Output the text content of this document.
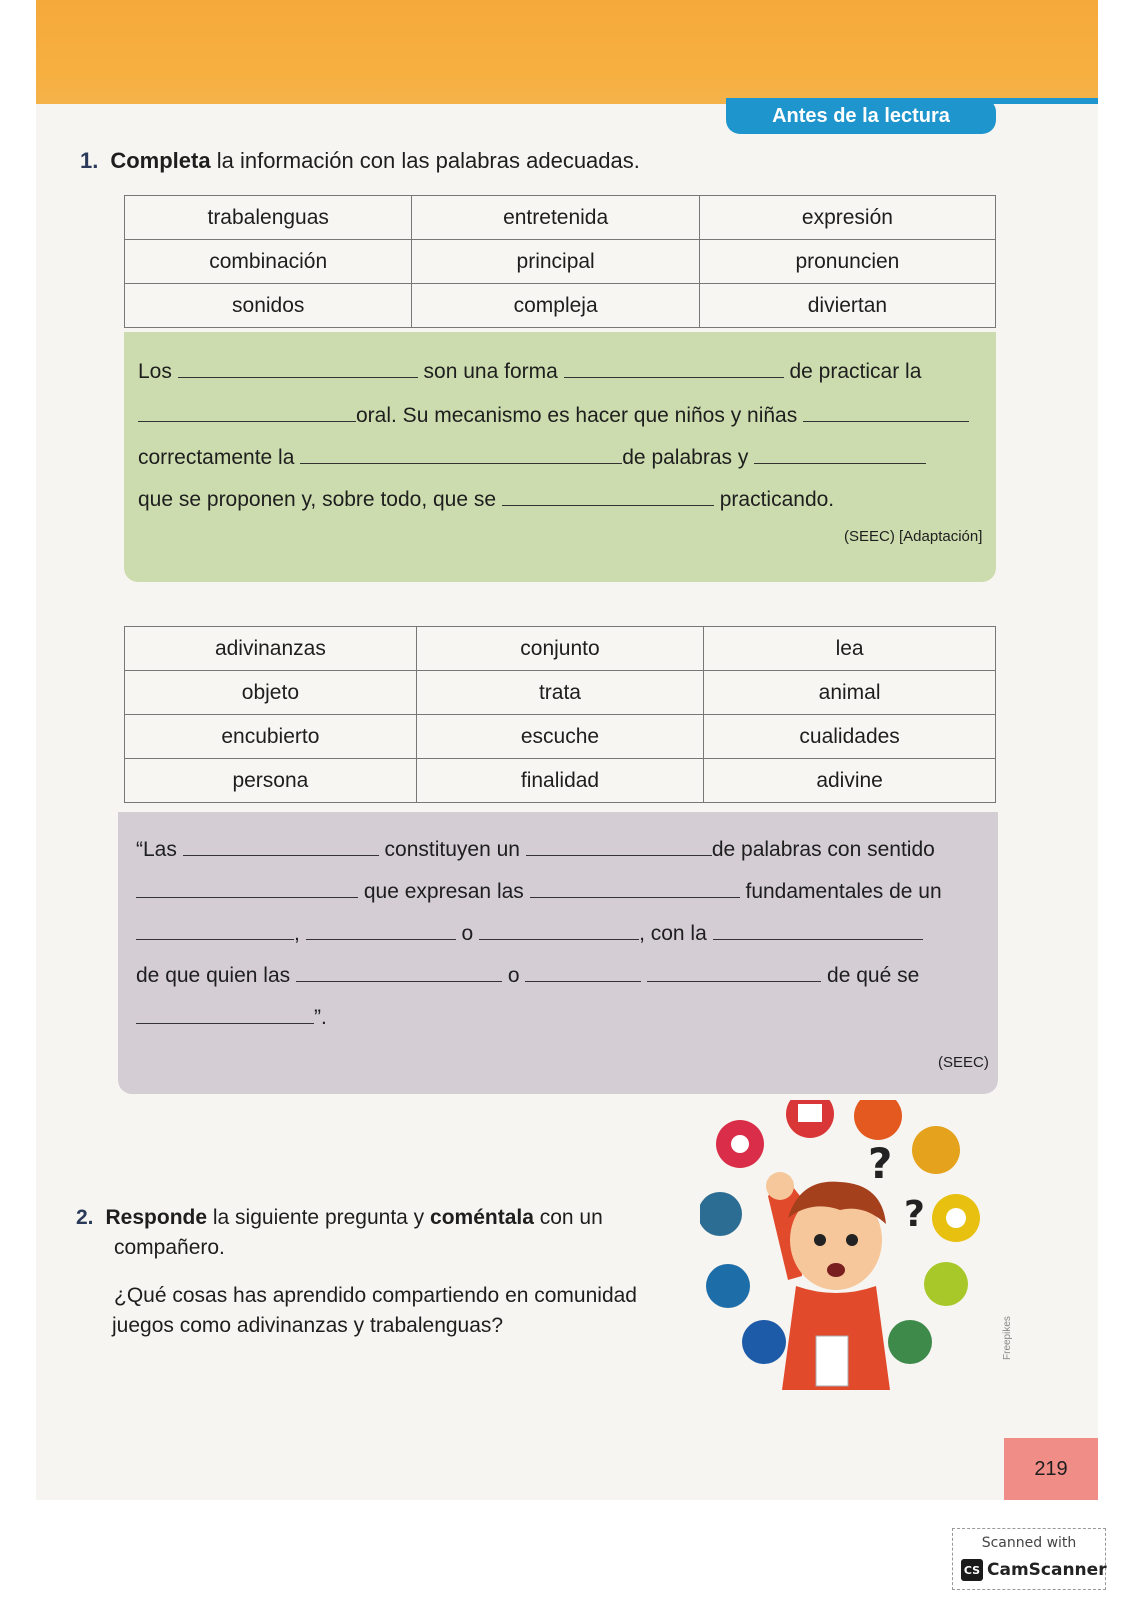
Antes de la lectura
1. Completa la información con las palabras adecuadas.
trabalenguas	entretenida	expresión
combinación	principal	pronuncien
sonidos	compleja	diviertan
Los	son una forma	de practicar la
oral. Su mecanismo es hacer que niños y niñas
correctamente la	de palabras y
que se proponen y, sobre todo, que se	practicando.
(SEEC) [Adaptación]
adivinanzas	conjunto	lea
objeto	trata	animal
encubierto	escuche	cualidades
persona	finalidad	adivine
“Las	constituyen un	de palabras con sentido
que expresan las	fundamentales de un
,	o	, con la
de que quien las	o	de qué se
”.
(SEEC)
2. Responde la siguiente pregunta y coméntala con un
compañero.
¿Qué cosas has aprendido compartiendo en comunidad
juegos como adivinanzas y trabalenguas?
?
?
Freepikes
219
Scanned with
CS CamScanner
